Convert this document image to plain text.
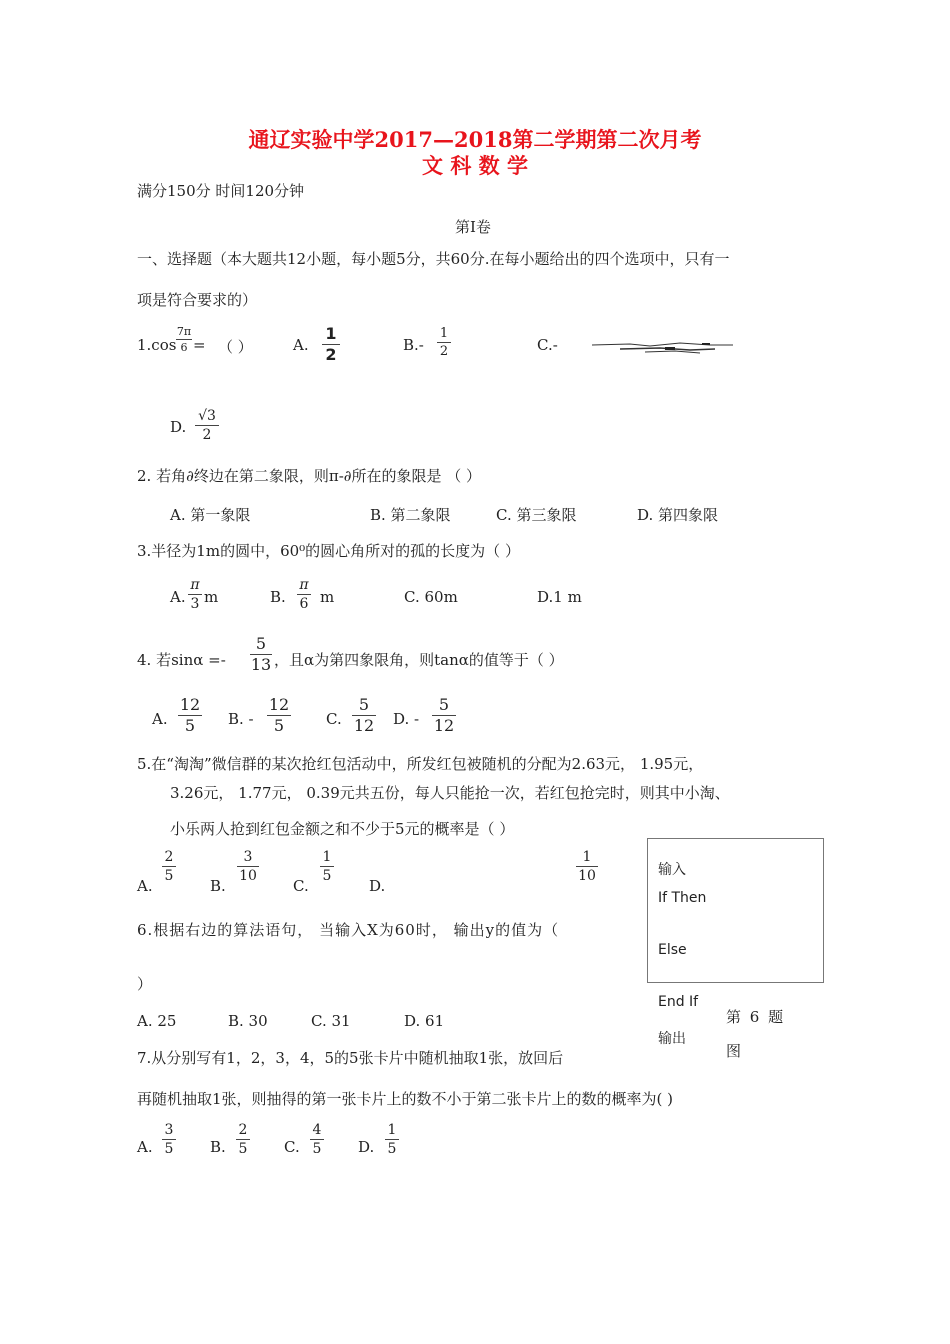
通辽实验中学2017—2018第二学期第二次月考
文 科 数 学
满分150分 时间120分钟
第Ⅰ卷
一、选择题（本大题共12小题，每小题5分，共60分.在每小题给出的四个选项中，只有一
项是符合要求的）
1.cos
7π
6 = （ ）	A.
1
2	B.-
1
2	C.-
D.
√3
2
2. 若角∂终边在第二象限，则π-∂所在的象限是 （ ）
A. 第一象限	B. 第二象限	C. 第三象限	D. 第四象限
3.半径为1m的圆中，60⁰的圆心角所对的孤的长度为（ ）
A.
π
3 m	B.
π
6 m	C. 60m	D.1 m
4. 若sinα =-
5
13 ，且α为第四象限角，则tanα的值等于（ ）
A.
12
5	B. -
12
5	C.
5
12 D. -
5
12
5.在“淘淘”微信群的某次抢红包活动中，所发红包被随机的分配为2.63元， 1.95元，
3.26元， 1.77元， 0.39元共五份，每人只能抢一次，若红包抢完时，则其中小淘、
小乐两人抢到红包金额之和不少于5元的概率是（ ）
A.
2
5
B.
3
10
C.
1
5
D.
1
10	输入
If Then
Else
End If
输出
第 6 题
图
6.根据右边的算法语句， 当输入X为60时， 输出y的值为（
）
A. 25	B. 30	C. 31	D. 61
7.从分别写有1，2，3，4，5的5张卡片中随机抽取1张，放回后
再随机抽取1张，则抽得的第一张卡片上的数不小于第二张卡片上的数的概率为( )
A.
3
5 B.
2
5 C.
4
5 D.
1
5
